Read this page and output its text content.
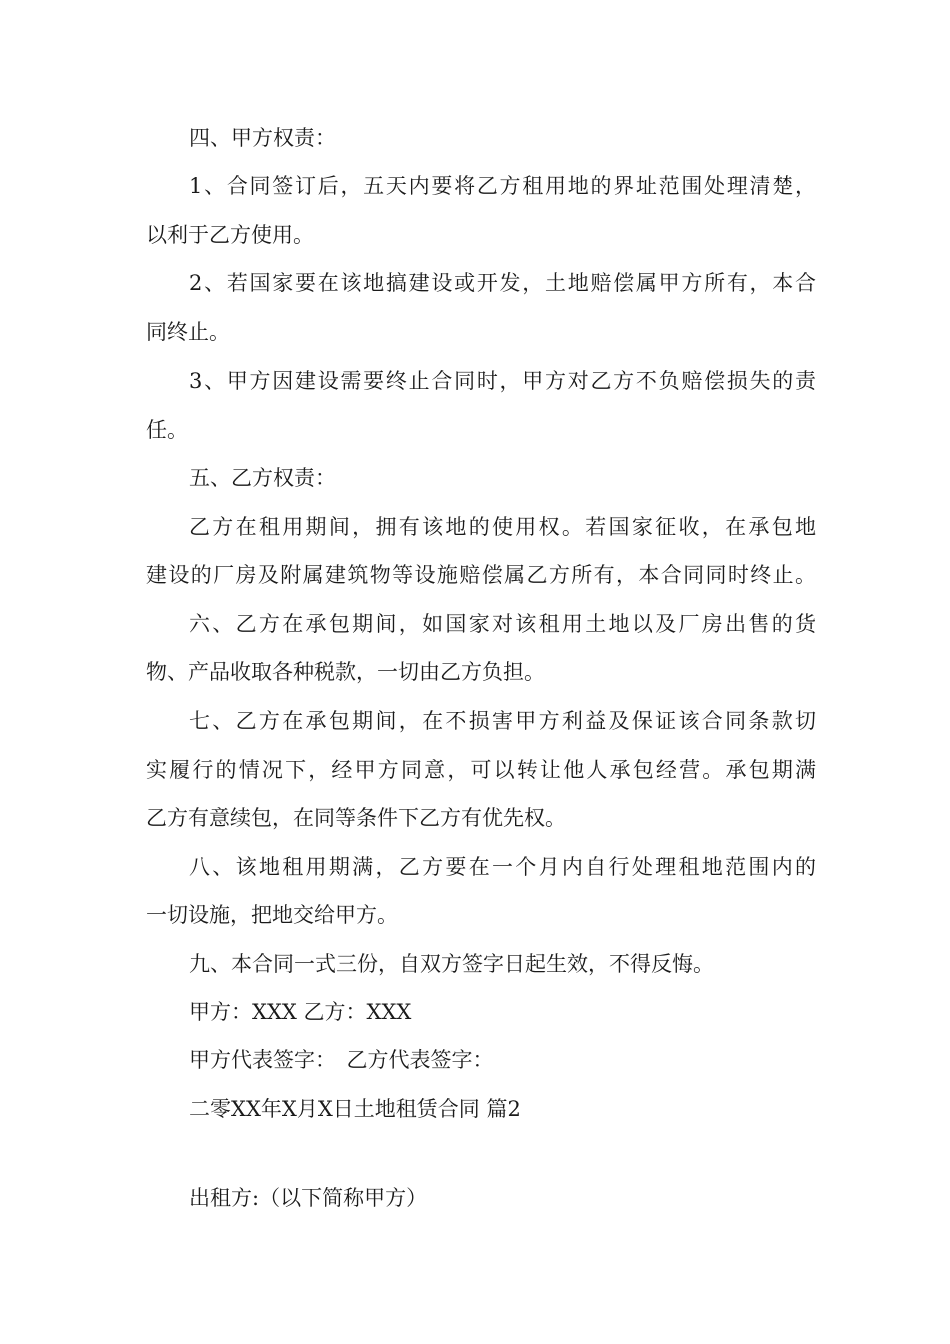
四、甲方权责：
1、合同签订后，五天内要将乙方租用地的界址范围处理清楚，
以利于乙方使用。
2、若国家要在该地搞建设或开发，土地赔偿属甲方所有，本合
同终止。
3、甲方因建设需要终止合同时，甲方对乙方不负赔偿损失的责
任。
五、乙方权责：
乙方在租用期间，拥有该地的使用权。若国家征收，在承包地
建设的厂房及附属建筑物等设施赔偿属乙方所有，本合同同时终止。
六、乙方在承包期间，如国家对该租用土地以及厂房出售的货
物、产品收取各种税款，一切由乙方负担。
七、乙方在承包期间，在不损害甲方利益及保证该合同条款切
实履行的情况下，经甲方同意，可以转让他人承包经营。承包期满
乙方有意续包，在同等条件下乙方有优先权。
八、该地租用期满，乙方要在一个月内自行处理租地范围内的
一切设施，把地交给甲方。
九、本合同一式三份，自双方签字日起生效，不得反悔。
甲方：XXX 乙方：XXX
甲方代表签字：　乙方代表签字：
二零XX年X月X日土地租赁合同 篇2
出租方:（以下简称甲方）
